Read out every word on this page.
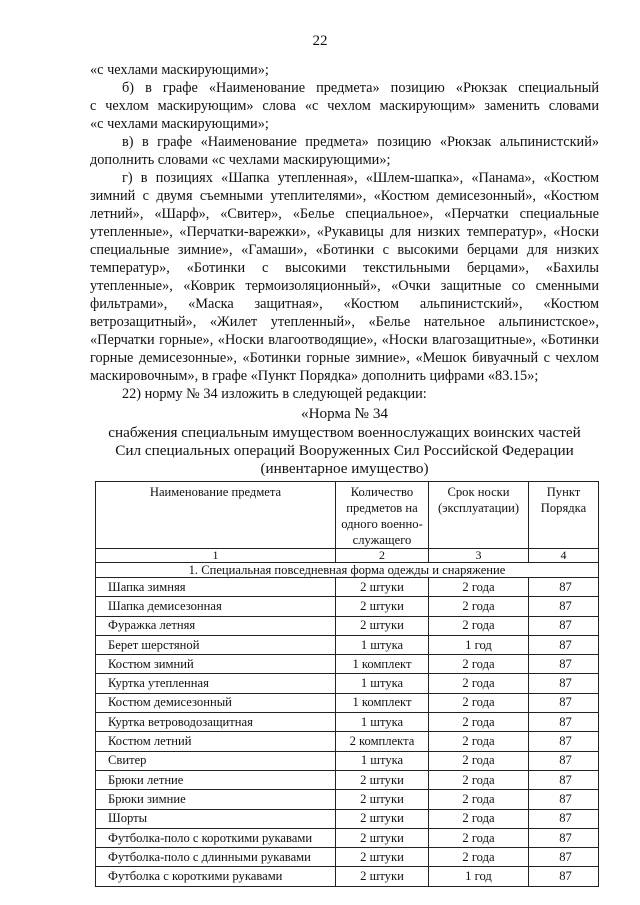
22
«с чехлами маскирующими»;
б) в графе «Наименование предмета» позицию «Рюкзак специальный
с чехлом маскирующим» слова «с чехлом маскирующим» заменить словами
«с чехлами маскирующими»;
в) в графе «Наименование предмета» позицию «Рюкзак альпинистский»
дополнить словами «с чехлами маскирующими»;
г) в позициях «Шапка утепленная», «Шлем-шапка», «Панама», «Костюм
зимний с двумя съемными утеплителями», «Костюм демисезонный», «Костюм
летний», «Шарф», «Свитер», «Белье специальное», «Перчатки специальные
утепленные», «Перчатки-варежки», «Рукавицы для низких температур», «Носки
специальные зимние», «Гамаши», «Ботинки с высокими берцами для низких
температур», «Ботинки с высокими текстильными берцами», «Бахилы
утепленные», «Коврик термоизоляционный», «Очки защитные со сменными
фильтрами», «Маска защитная», «Костюм альпинистский», «Костюм
ветрозащитный», «Жилет утепленный», «Белье нательное альпинистское»,
«Перчатки горные», «Носки влагоотводящие», «Носки влагозащитные», «Ботинки
горные демисезонные», «Ботинки горные зимние», «Мешок бивуачный с чехлом
маскировочным», в графе «Пункт Порядка» дополнить цифрами «83.15»;
22) норму № 34 изложить в следующей редакции:
«Норма № 34
снабжения специальным имуществом военнослужащих воинских частей
Сил специальных операций Вооруженных Сил Российской Федерации
(инвентарное имущество)
Наименование предмета	Количество предметов на одного военно-служащего	Срок носки (эксплуатации)	Пункт Порядка
1	2	3	4
1. Специальная повседневная форма одежды и снаряжение			
Шапка зимняя	2 штуки	2 года	87
Шапка демисезонная	2 штуки	2 года	87
Фуражка летняя	2 штуки	2 года	87
Берет шерстяной	1 штука	1 год	87
Костюм зимний	1 комплект	2 года	87
Куртка утепленная	1 штука	2 года	87
Костюм демисезонный	1 комплект	2 года	87
Куртка ветроводозащитная	1 штука	2 года	87
Костюм летний	2 комплекта	2 года	87
Свитер	1 штука	2 года	87
Брюки летние	2 штуки	2 года	87
Брюки зимние	2 штуки	2 года	87
Шорты	2 штуки	2 года	87
Футболка-поло с короткими рукавами	2 штуки	2 года	87
Футболка-поло с длинными рукавами	2 штуки	2 года	87
Футболка с короткими рукавами	2 штуки	1 год	87
